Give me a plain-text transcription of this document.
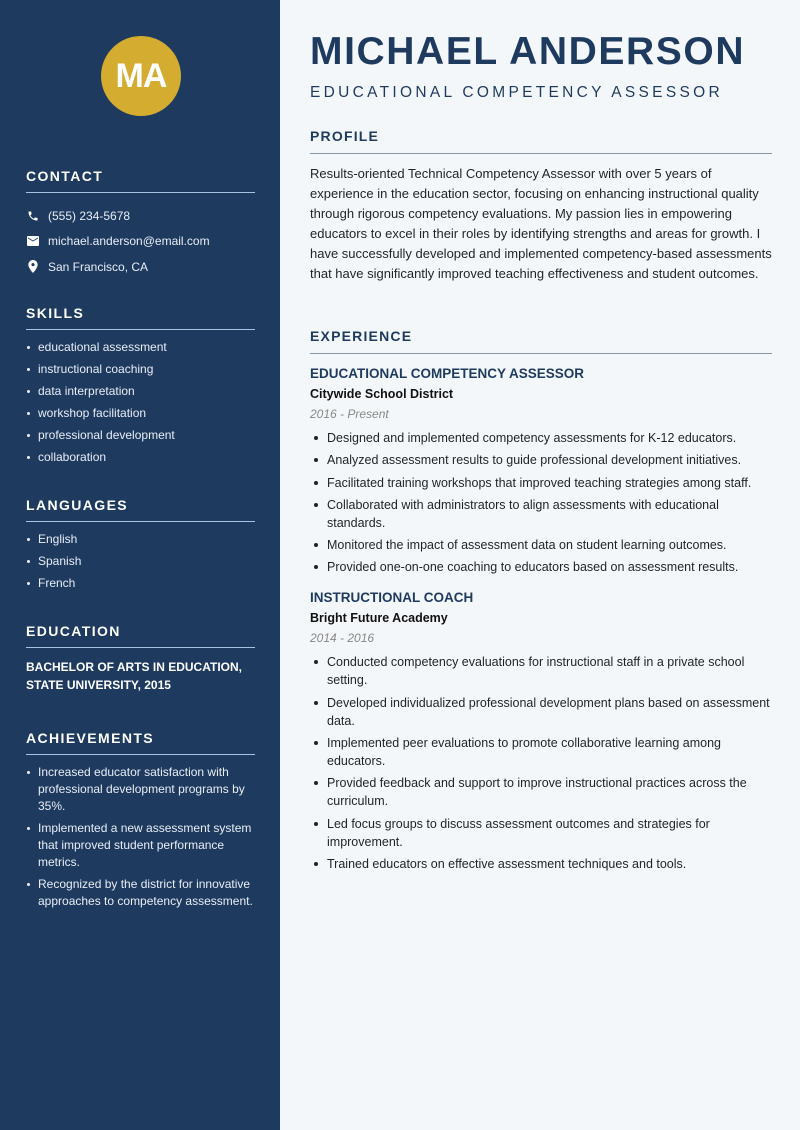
MA
CONTACT
(555) 234-5678
michael.anderson@email.com
San Francisco, CA
SKILLS
educational assessment
instructional coaching
data interpretation
workshop facilitation
professional development
collaboration
LANGUAGES
English
Spanish
French
EDUCATION

BACHELOR OF ARTS IN EDUCATION, STATE UNIVERSITY, 2015

ACHIEVEMENTS
Increased educator satisfaction with professional development programs by 35%.
Implemented a new assessment system that improved student performance metrics.
Recognized by the district for innovative approaches to competency assessment.
MICHAEL ANDERSON
EDUCATIONAL COMPETENCY ASSESSOR
PROFILE

Results-oriented Technical Competency Assessor with over 5 years of experience in the education sector, focusing on enhancing instructional quality through rigorous competency evaluations. My passion lies in empowering educators to excel in their roles by identifying strengths and areas for growth. I have successfully developed and implemented competency-based assessments that have significantly improved teaching effectiveness and student outcomes.

EXPERIENCE
EDUCATIONAL COMPETENCY ASSESSOR
Citywide School District
2016 - Present
Designed and implemented competency assessments for K-12 educators.
Analyzed assessment results to guide professional development initiatives.
Facilitated training workshops that improved teaching strategies among staff.
Collaborated with administrators to align assessments with educational standards.
Monitored the impact of assessment data on student learning outcomes.
Provided one-on-one coaching to educators based on assessment results.
INSTRUCTIONAL COACH
Bright Future Academy
2014 - 2016
Conducted competency evaluations for instructional staff in a private school setting.
Developed individualized professional development plans based on assessment data.
Implemented peer evaluations to promote collaborative learning among educators.
Provided feedback and support to improve instructional practices across the curriculum.
Led focus groups to discuss assessment outcomes and strategies for improvement.
Trained educators on effective assessment techniques and tools.
